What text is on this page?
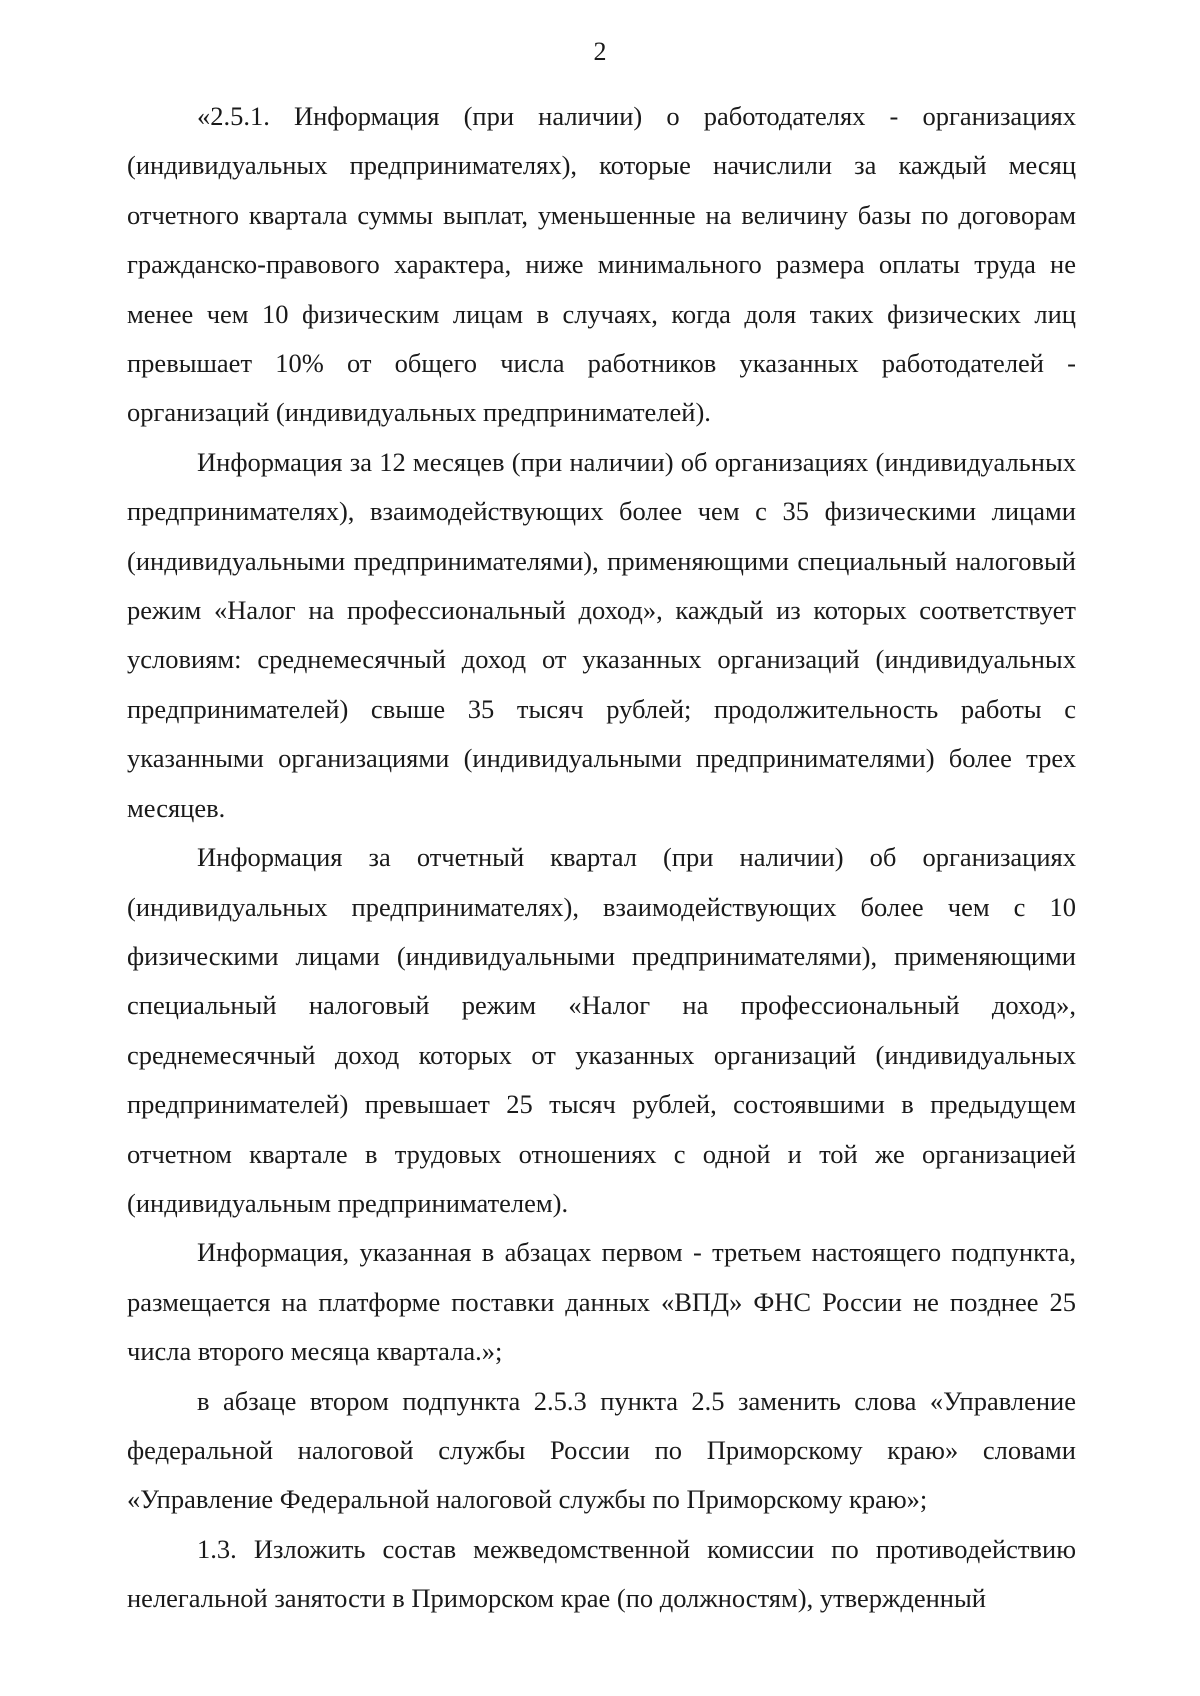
2

«2.5.1. Информация (при наличии) о работодателях - организациях (индивидуальных предпринимателях), которые начислили за каждый месяц отчетного квартала суммы выплат, уменьшенные на величину базы по договорам гражданско-правового характера, ниже минимального размера оплаты труда не менее чем 10 физическим лицам в случаях, когда доля таких физических лиц превышает 10% от общего числа работников указанных работодателей - организаций (индивидуальных предпринимателей).

Информация за 12 месяцев (при наличии) об организациях (индивидуальных предпринимателях), взаимодействующих более чем с 35 физическими лицами (индивидуальными предпринимателями), применяющими специальный налоговый режим «Налог на профессиональный доход», каждый из которых соответствует условиям: среднемесячный доход от указанных организаций (индивидуальных предпринимателей) свыше 35 тысяч рублей; продолжительность работы с указанными организациями (индивидуальными предпринимателями) более трех месяцев.

Информация за отчетный квартал (при наличии) об организациях (индивидуальных предпринимателях), взаимодействующих более чем с 10 физическими лицами (индивидуальными предпринимателями), применяющими специальный налоговый режим «Налог на профессиональный доход», среднемесячный доход которых от указанных организаций (индивидуальных предпринимателей) превышает 25 тысяч рублей, состоявшими в предыдущем отчетном квартале в трудовых отношениях с одной и той же организацией (индивидуальным предпринимателем).

Информация, указанная в абзацах первом - третьем настоящего подпункта, размещается на платформе поставки данных «ВПД» ФНС России не позднее 25 числа второго месяца квартала.»;

в абзаце втором подпункта 2.5.3 пункта 2.5 заменить слова «Управление федеральной налоговой службы России по Приморскому краю» словами «Управление Федеральной налоговой службы по Приморскому краю»;

1.3. Изложить состав межведомственной комиссии по противодействию нелегальной занятости в Приморском крае (по должностям), утвержденный
